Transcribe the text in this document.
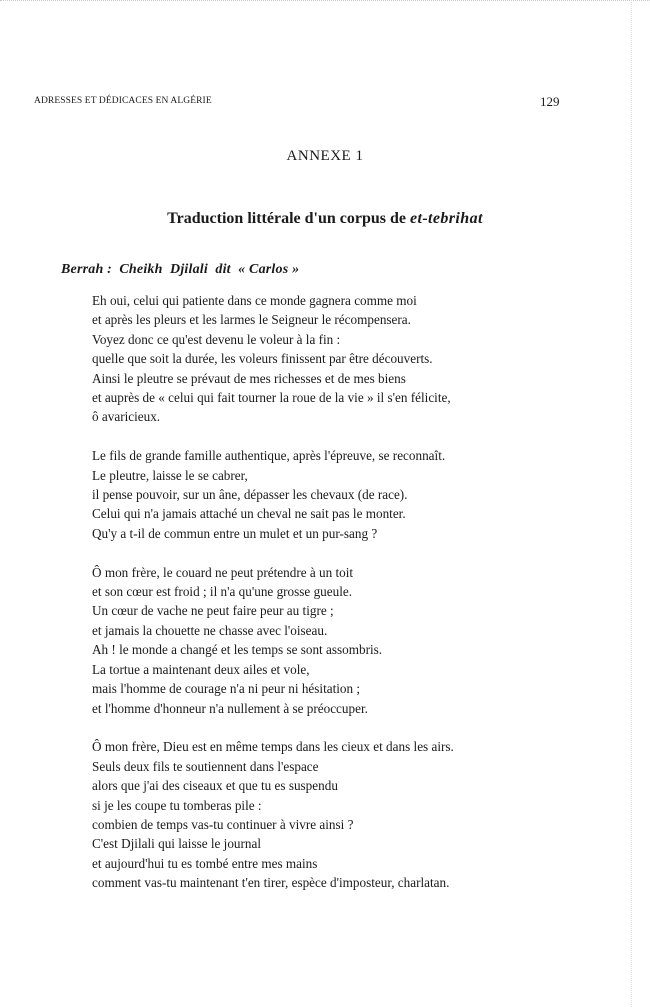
ADRESSES ET DÉDICACES EN ALGÉRIE	129
ANNEXE 1
Traduction littérale d'un corpus de et-tebrihat
Berrah :  Cheikh  Djilali  dit  « Carlos »
Eh oui, celui qui patiente dans ce monde gagnera comme moi
et après les pleurs et les larmes le Seigneur le récompensera.
Voyez donc ce qu'est devenu le voleur à la fin :
quelle que soit la durée, les voleurs finissent par être découverts.
Ainsi le pleutre se prévaut de mes richesses et de mes biens
et auprès de « celui qui fait tourner la roue de la vie » il s'en félicite,
ô avaricieux.
Le fils de grande famille authentique, après l'épreuve, se reconnaît.
Le pleutre, laisse le se cabrer,
il pense pouvoir, sur un âne, dépasser les chevaux (de race).
Celui qui n'a jamais attaché un cheval ne sait pas le monter.
Qu'y a t-il de commun entre un mulet et un pur-sang ?
Ô mon frère, le couard ne peut prétendre à un toit
et son cœur est froid ; il n'a qu'une grosse gueule.
Un cœur de vache ne peut faire peur au tigre ;
et jamais la chouette ne chasse avec l'oiseau.
Ah ! le monde a changé et les temps se sont assombris.
La tortue a maintenant deux ailes et vole,
mais l'homme de courage n'a ni peur ni hésitation ;
et l'homme d'honneur n'a nullement à se préoccuper.
Ô mon frère, Dieu est en même temps dans les cieux et dans les airs.
Seuls deux fils te soutiennent dans l'espace
alors que j'ai des ciseaux et que tu es suspendu
si je les coupe tu tomberas pile :
combien de temps vas-tu continuer à vivre ainsi ?
C'est Djilali qui laisse le journal
et aujourd'hui tu es tombé entre mes mains
comment vas-tu maintenant t'en tirer, espèce d'imposteur, charlatan.
